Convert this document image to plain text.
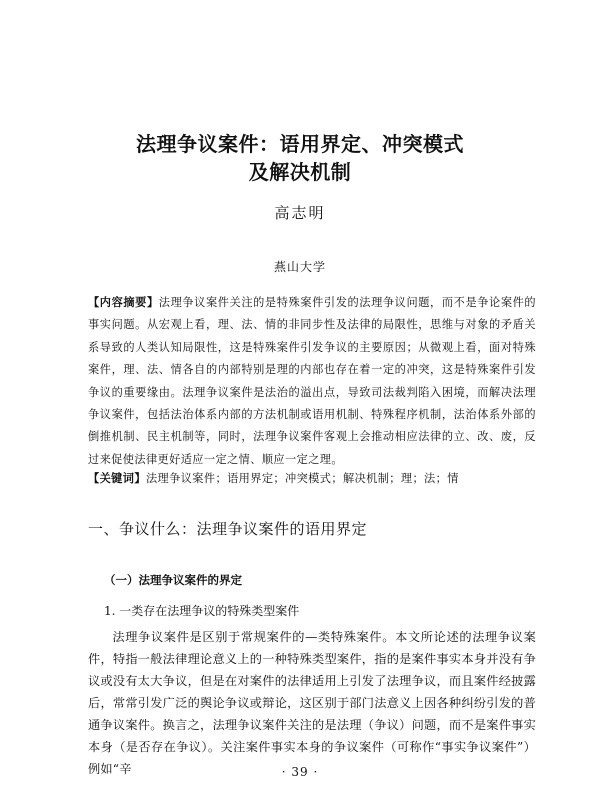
法理争议案件：语用界定、冲突模式
及解决机制
高志明
燕山大学

【内容摘要】法理争议案件关注的是特殊案件引发的法理争议问题，而不是争论案件的事实问题。从宏观上看，理、法、情的非同步性及法律的局限性，思维与对象的矛盾关系导致的人类认知局限性，这是特殊案件引发争议的主要原因；从微观上看，面对特殊案件，理、法、情各自的内部特别是理的内部也存在着一定的冲突，这是特殊案件引发争议的重要缘由。法理争议案件是法治的溢出点，导致司法裁判陷入困境，而解决法理争议案件，包括法治体系内部的方法机制或语用机制、特殊程序机制，法治体系外部的倒推机制、民主机制等，同时，法理争议案件客观上会推动相应法律的立、改、废，反过来促使法律更好适应一定之情、顺应一定之理。

【关键词】法理争议案件；语用界定；冲突模式；解决机制；理；法；情

一、争议什么：法理争议案件的语用界定
（一）法理争议案件的界定
1. 一类存在法理争议的特殊类型案件

法理争议案件是区别于常规案件的—类特殊案件。本文所论述的法理争议案件，特指一般法律理论意义上的一种特殊类型案件，指的是案件事实本身并没有争议或没有太大争议，但是在对案件的法律适用上引发了法理争议，而且案件经披露后，常常引发广泛的舆论争议或辩论，这区别于部门法意义上因各种纠纷引发的普通争议案件。换言之，法理争议案件关注的是法理（争议）问题，而不是案件事实本身（是否存在争议）。关注案件事实本身的争议案件（可称作“事实争议案件”）例如“辛	· 39 ·
